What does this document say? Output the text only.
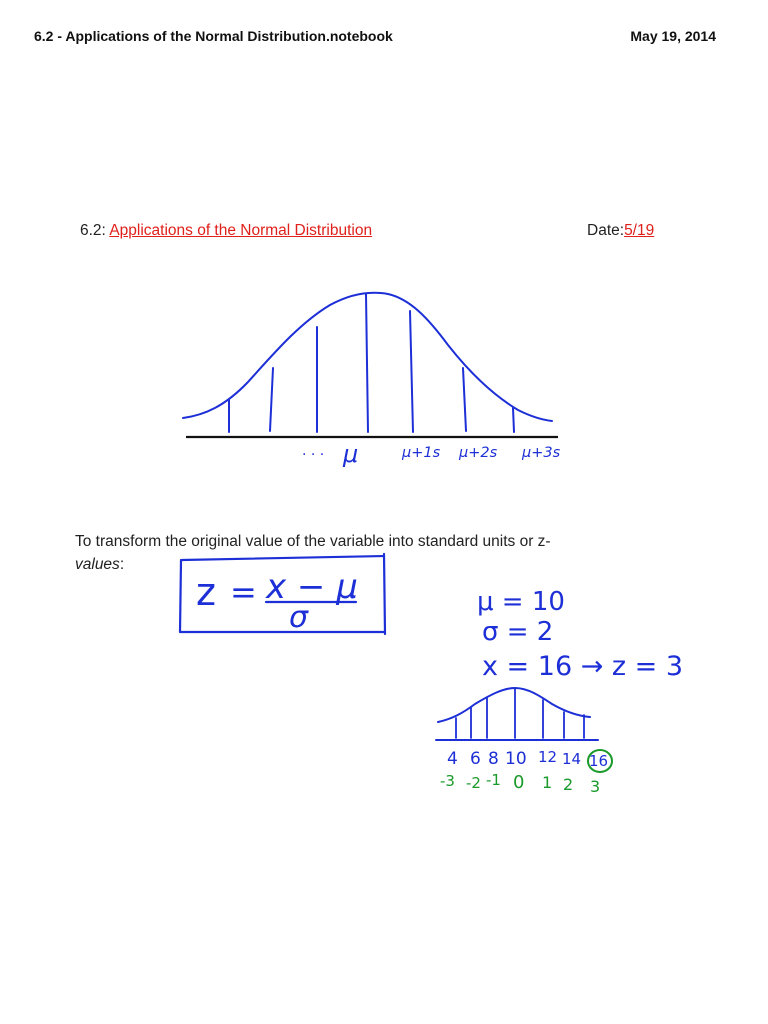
6.2 - Applications of the Normal Distribution.notebook	May 19, 2014
6.2: Applications of the Normal Distribution	Date:5/19
To transform the original value of the variable into standard units or z-
values:
· · · μ	μ+1s μ+2s μ+3s
z = x − μ
σ	μ = 10
σ = 2
x = 16 → z = 3
4 6 8 10 12 14 16
-3 -2 -1 0 1 2 3
